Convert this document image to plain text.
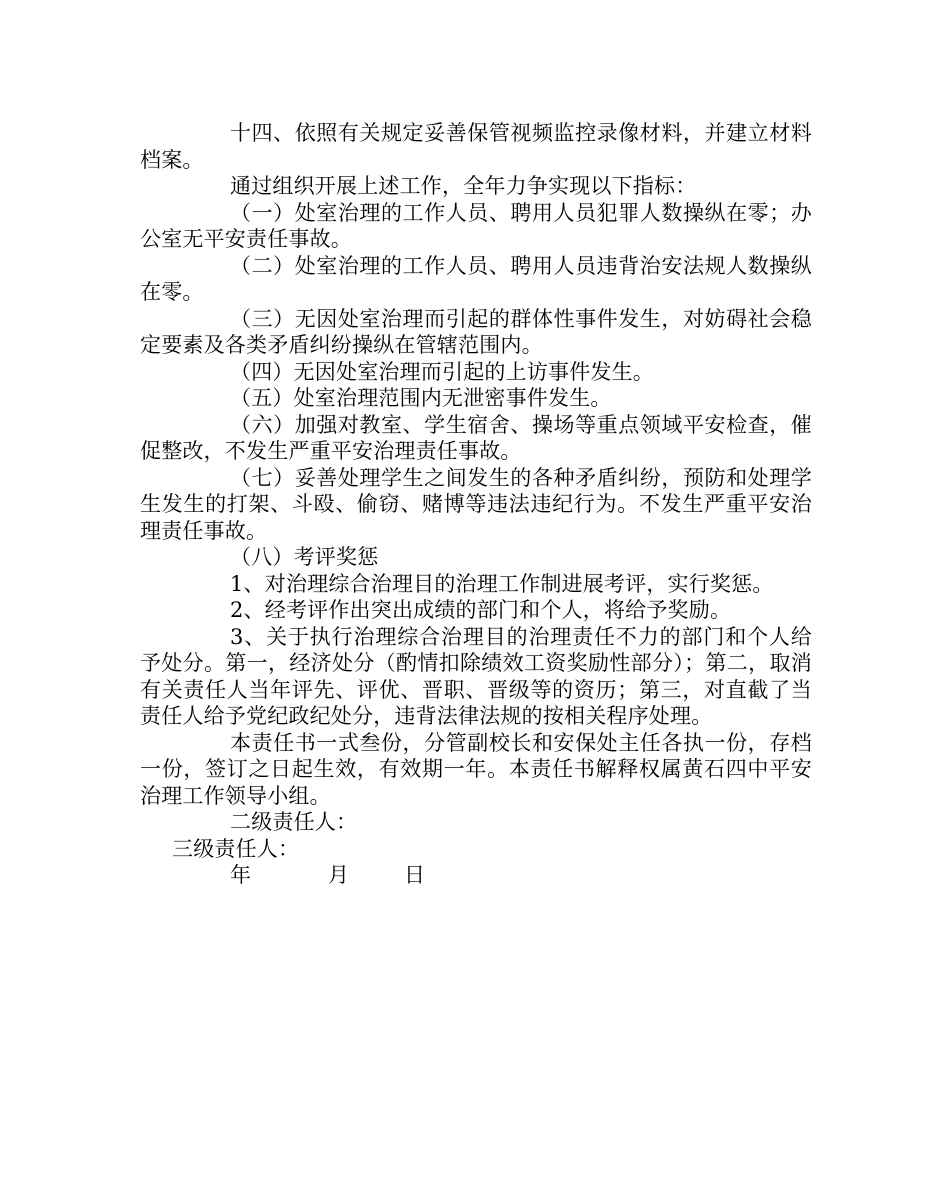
十四、依照有关规定妥善保管视频监控录像材料，并建立材料档案。

通过组织开展上述工作，全年力争实现以下指标：

（一）处室治理的工作人员、聘用人员犯罪人数操纵在零；办公室无平安责任事故。

（二）处室治理的工作人员、聘用人员违背治安法规人数操纵在零。

（三）无因处室治理而引起的群体性事件发生，对妨碍社会稳定要素及各类矛盾纠纷操纵在管辖范围内。

（四）无因处室治理而引起的上访事件发生。

（五）处室治理范围内无泄密事件发生。

（六）加强对教室、学生宿舍、操场等重点领域平安检查，催促整改，不发生严重平安治理责任事故。

（七）妥善处理学生之间发生的各种矛盾纠纷，预防和处理学生发生的打架、斗殴、偷窃、赌博等违法违纪行为。不发生严重平安治理责任事故。

（八）考评奖惩

1、对治理综合治理目的治理工作制进展考评，实行奖惩。

2、经考评作出突出成绩的部门和个人，将给予奖励。

3、关于执行治理综合治理目的治理责任不力的部门和个人给予处分。第一，经济处分（酌情扣除绩效工资奖励性部分）；第二，取消有关责任人当年评先、评优、晋职、晋级等的资历；第三，对直截了当责任人给予党纪政纪处分，违背法律法规的按相关程序处理。

本责任书一式叁份，分管副校长和安保处主任各执一份，存档一份，签订之日起生效，有效期一年。本责任书解释权属黄石四中平安治理工作领导小组。

二级责任人：

三级责任人：

年	月	日
